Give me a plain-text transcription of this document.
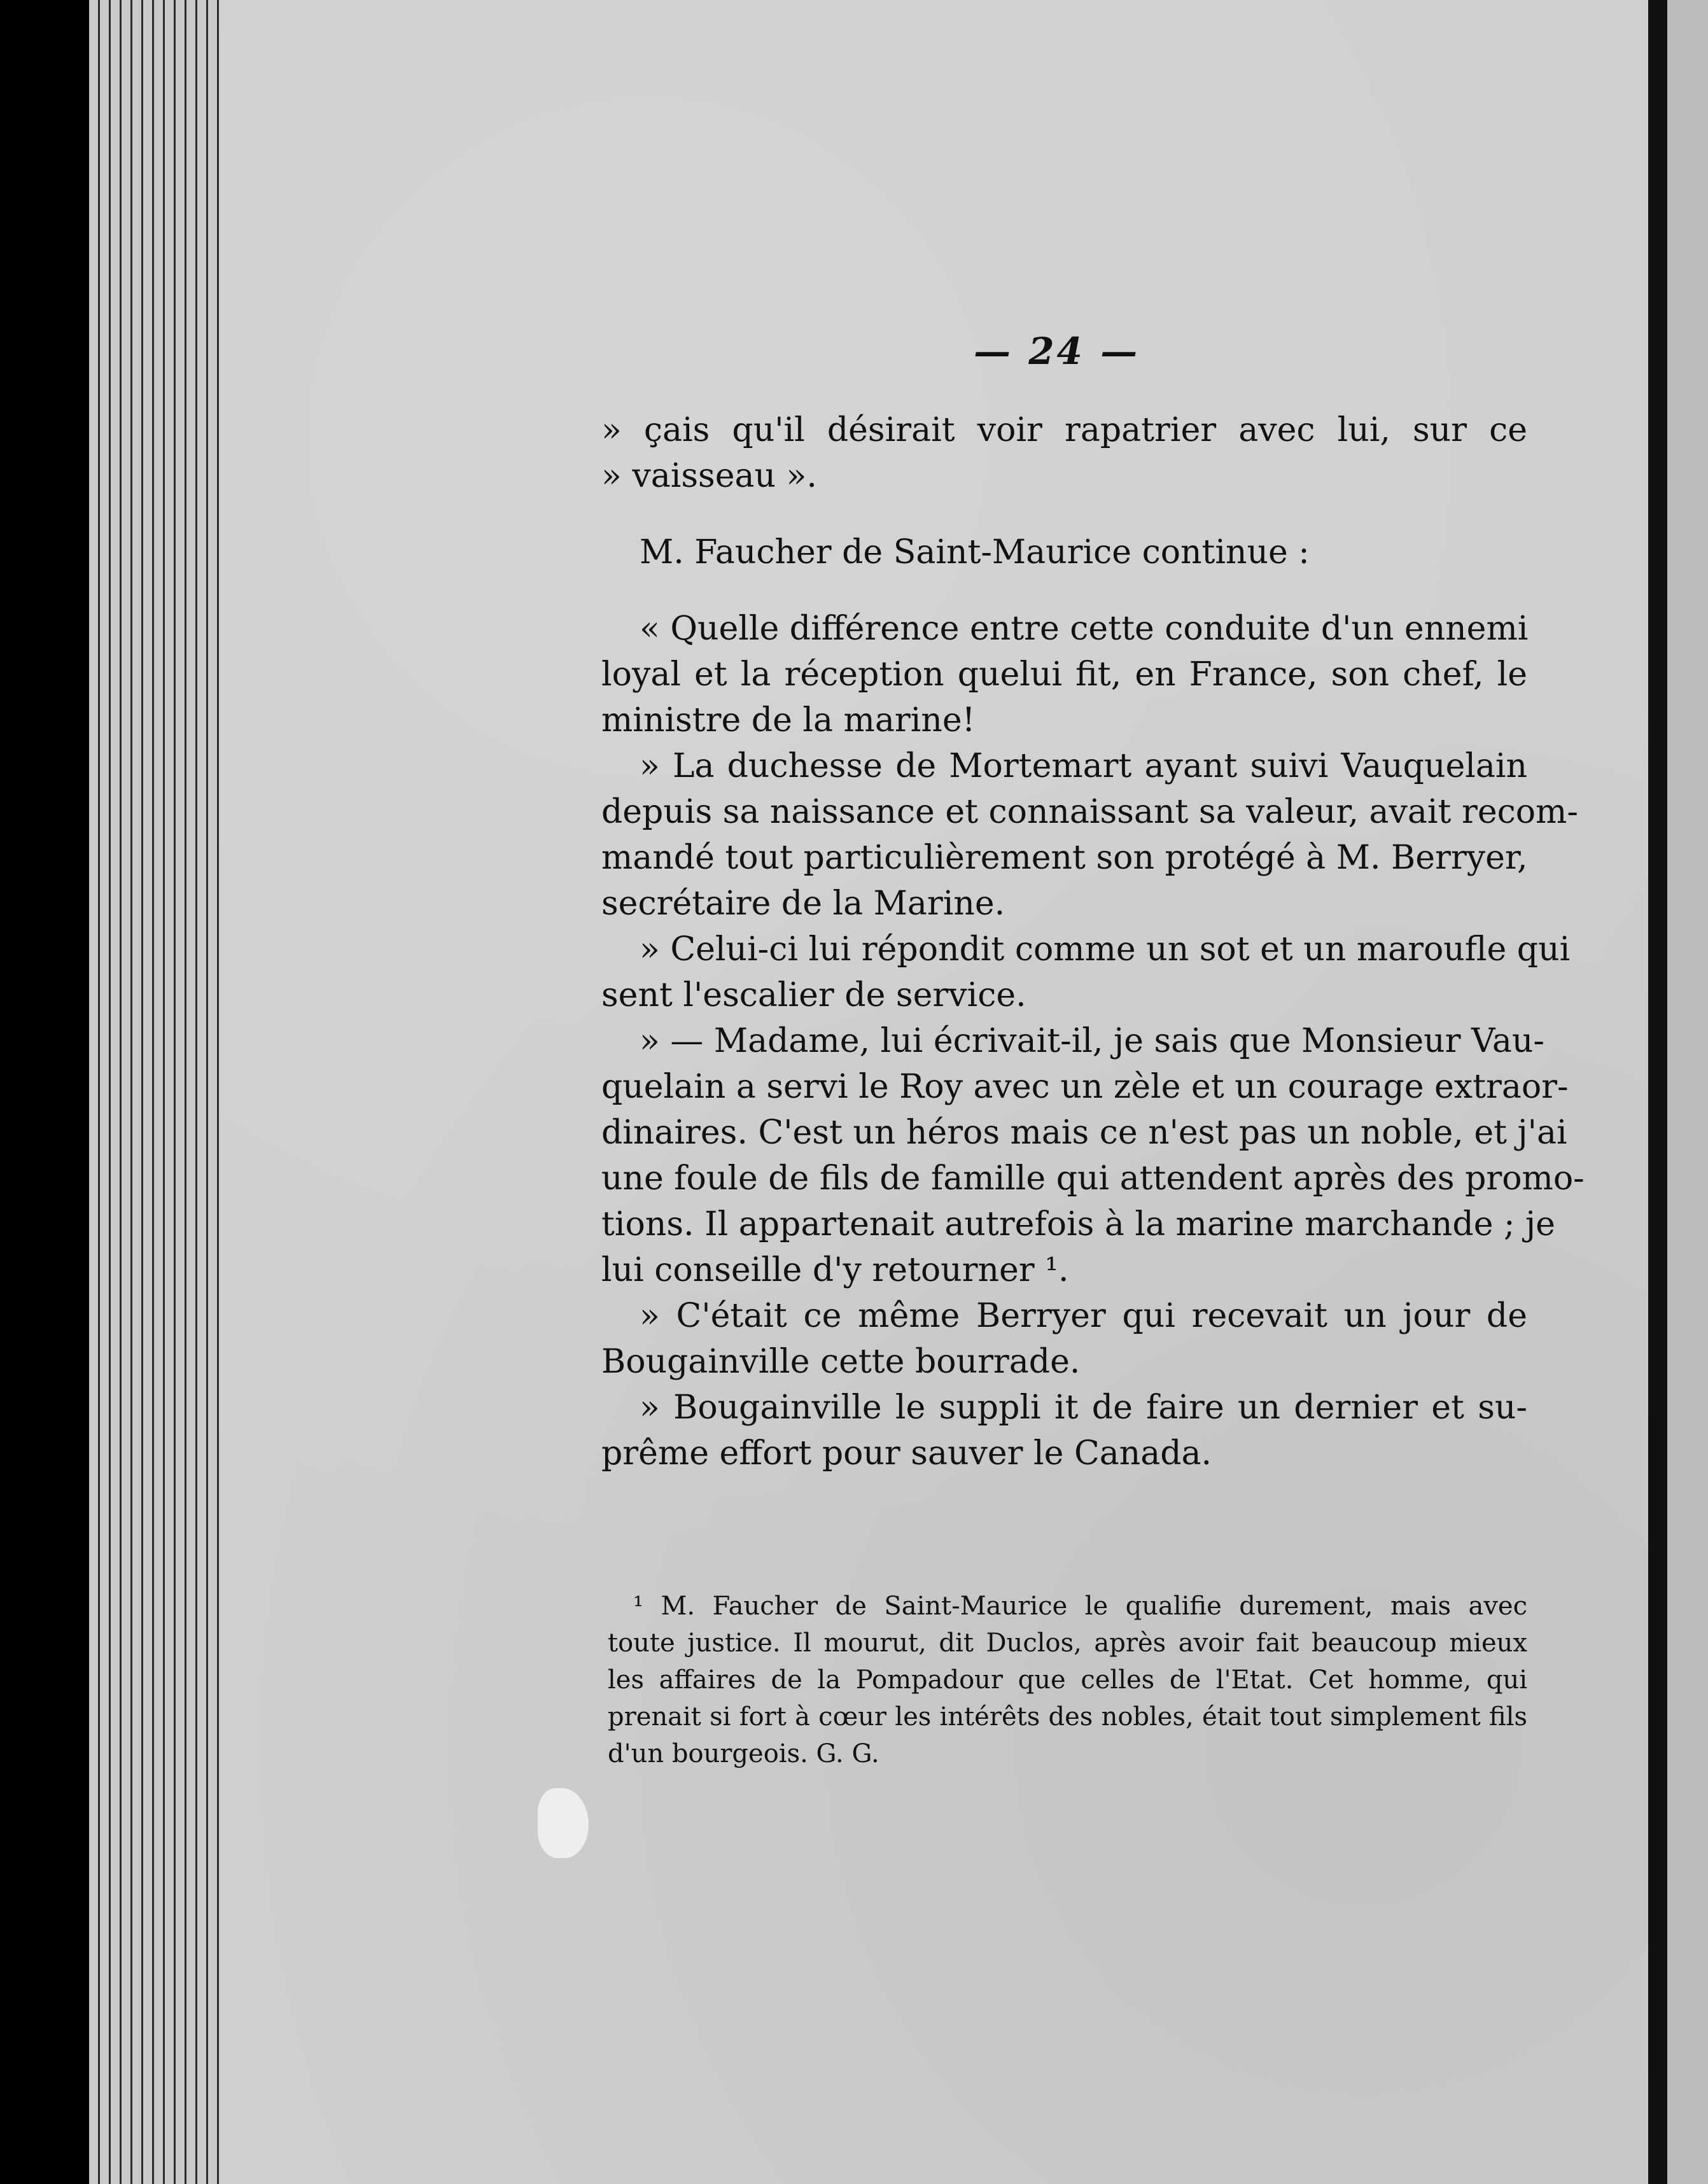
— 24 —
» çais qu'il désirait voir rapatrier avec lui, sur ce
» vaisseau ».
M. Faucher de Saint-Maurice continue :
« Quelle différence entre cette conduite d'un ennemi
loyal et la réception quelui fit, en France, son chef, le
ministre de la marine!
» La duchesse de Mortemart ayant suivi Vauquelain
depuis sa naissance et connaissant sa valeur, avait recom-
mandé tout particulièrement son protégé à M. Berryer,
secrétaire de la Marine.
» Celui-ci lui répondit comme un sot et un maroufle qui
sent l'escalier de service.
» — Madame, lui écrivait-il, je sais que Monsieur Vau-
quelain a servi le Roy avec un zèle et un courage extraor-
dinaires. C'est un héros mais ce n'est pas un noble, et j'ai
une foule de fils de famille qui attendent après des promo-
tions. Il appartenait autrefois à la marine marchande ; je
lui conseille d'y retourner ¹.
» C'était ce même Berryer qui recevait un jour de
Bougainville cette bourrade.
» Bougainville le suppli it de faire un dernier et su-
prême effort pour sauver le Canada.
¹ M. Faucher de Saint-Maurice le qualifie durement, mais avec
toute justice. Il mourut, dit Duclos, après avoir fait beaucoup mieux
les affaires de la Pompadour que celles de l'Etat. Cet homme, qui
prenait si fort à cœur les intérêts des nobles, était tout simplement fils
d'un bourgeois. G. G.
